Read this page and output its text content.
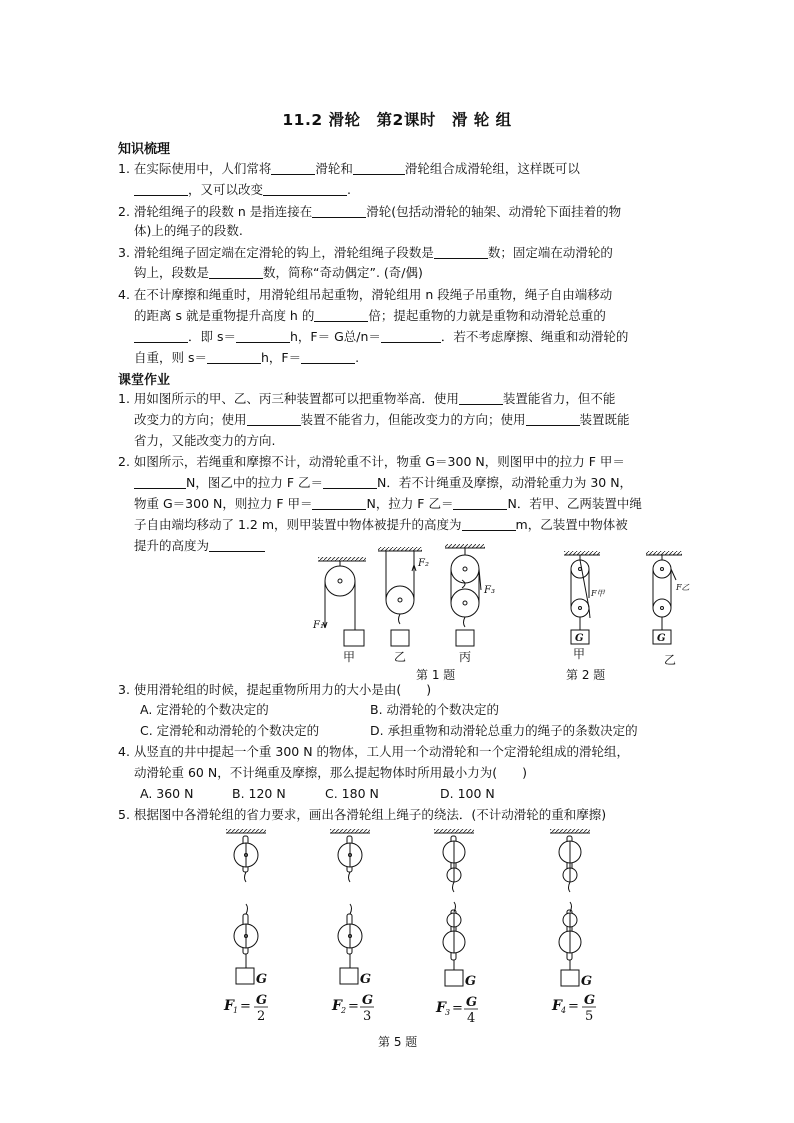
11.2 滑轮　第2课时　滑 轮 组
知识梳理
1. 在实际使用中，人们常将	滑轮和	滑轮组合成滑轮组，这样既可以
，又可以改变	.
2. 滑轮组绳子的段数 n 是指连接在	滑轮(包括动滑轮的轴架、动滑轮下面挂着的物
体)上的绳子的段数.
3. 滑轮组绳子固定端在定滑轮的钩上，滑轮组绳子段数是	数；固定端在动滑轮的
钩上，段数是	数，简称“奇动偶定”. (奇/偶)
4. 在不计摩擦和绳重时，用滑轮组吊起重物，滑轮组用 n 段绳子吊重物，绳子自由端移动
的距离 s 就是重物提升高度 h 的	倍；提起重物的力就是重物和动滑轮总重的
．即 s＝	h，F＝ G总/n＝	．若不考虑摩擦、绳重和动滑轮的
自重，则 s＝	h，F＝	.
课堂作业
1. 用如图所示的甲、乙、丙三种装置都可以把重物举高．使用	装置能省力，但不能
改变力的方向；使用	装置不能省力，但能改变力的方向；使用	装置既能
省力，又能改变力的方向.
2. 如图所示，若绳重和摩擦不计，动滑轮重不计，物重 G＝300 N，则图甲中的拉力 F 甲＝
N，图乙中的拉力 F 乙＝	N．若不计绳重及摩擦，动滑轮重力为 30 N，
物重 G＝300 N，则拉力 F 甲＝	N，拉力 F 乙＝	N．若甲、乙两装置中绳
子自由端均移动了 1.2 m，则甲装置中物体被提升的高度为	m，乙装置中物体被
提升的高度为
F₁
F₂
F₃	F甲
F乙
G	G
甲	乙	丙	甲	乙
第 1 题	第 2 题
3. 使用滑轮组的时候，提起重物所用力的大小是由(　　)
A. 定滑轮的个数决定的	B. 动滑轮的个数决定的
C. 定滑轮和动滑轮的个数决定的	D. 承担重物和动滑轮总重力的绳子的条数决定的
4. 从竖直的井中提起一个重 300 N 的物体，工人用一个动滑轮和一个定滑轮组成的滑轮组，
动滑轮重 60 N，不计绳重及摩擦，那么提起物体时所用最小力为(　　)
A. 360 N	B. 120 N	C. 180 N	D. 100 N
5. 根据图中各滑轮组的省力要求，画出各滑轮组上绳子的绕法．(不计动滑轮的重和摩擦)
G	G	G	G
F 1 = G
2
F 2 = G
3
F 3 = G
4
F 4 = G
5
第 5 题
